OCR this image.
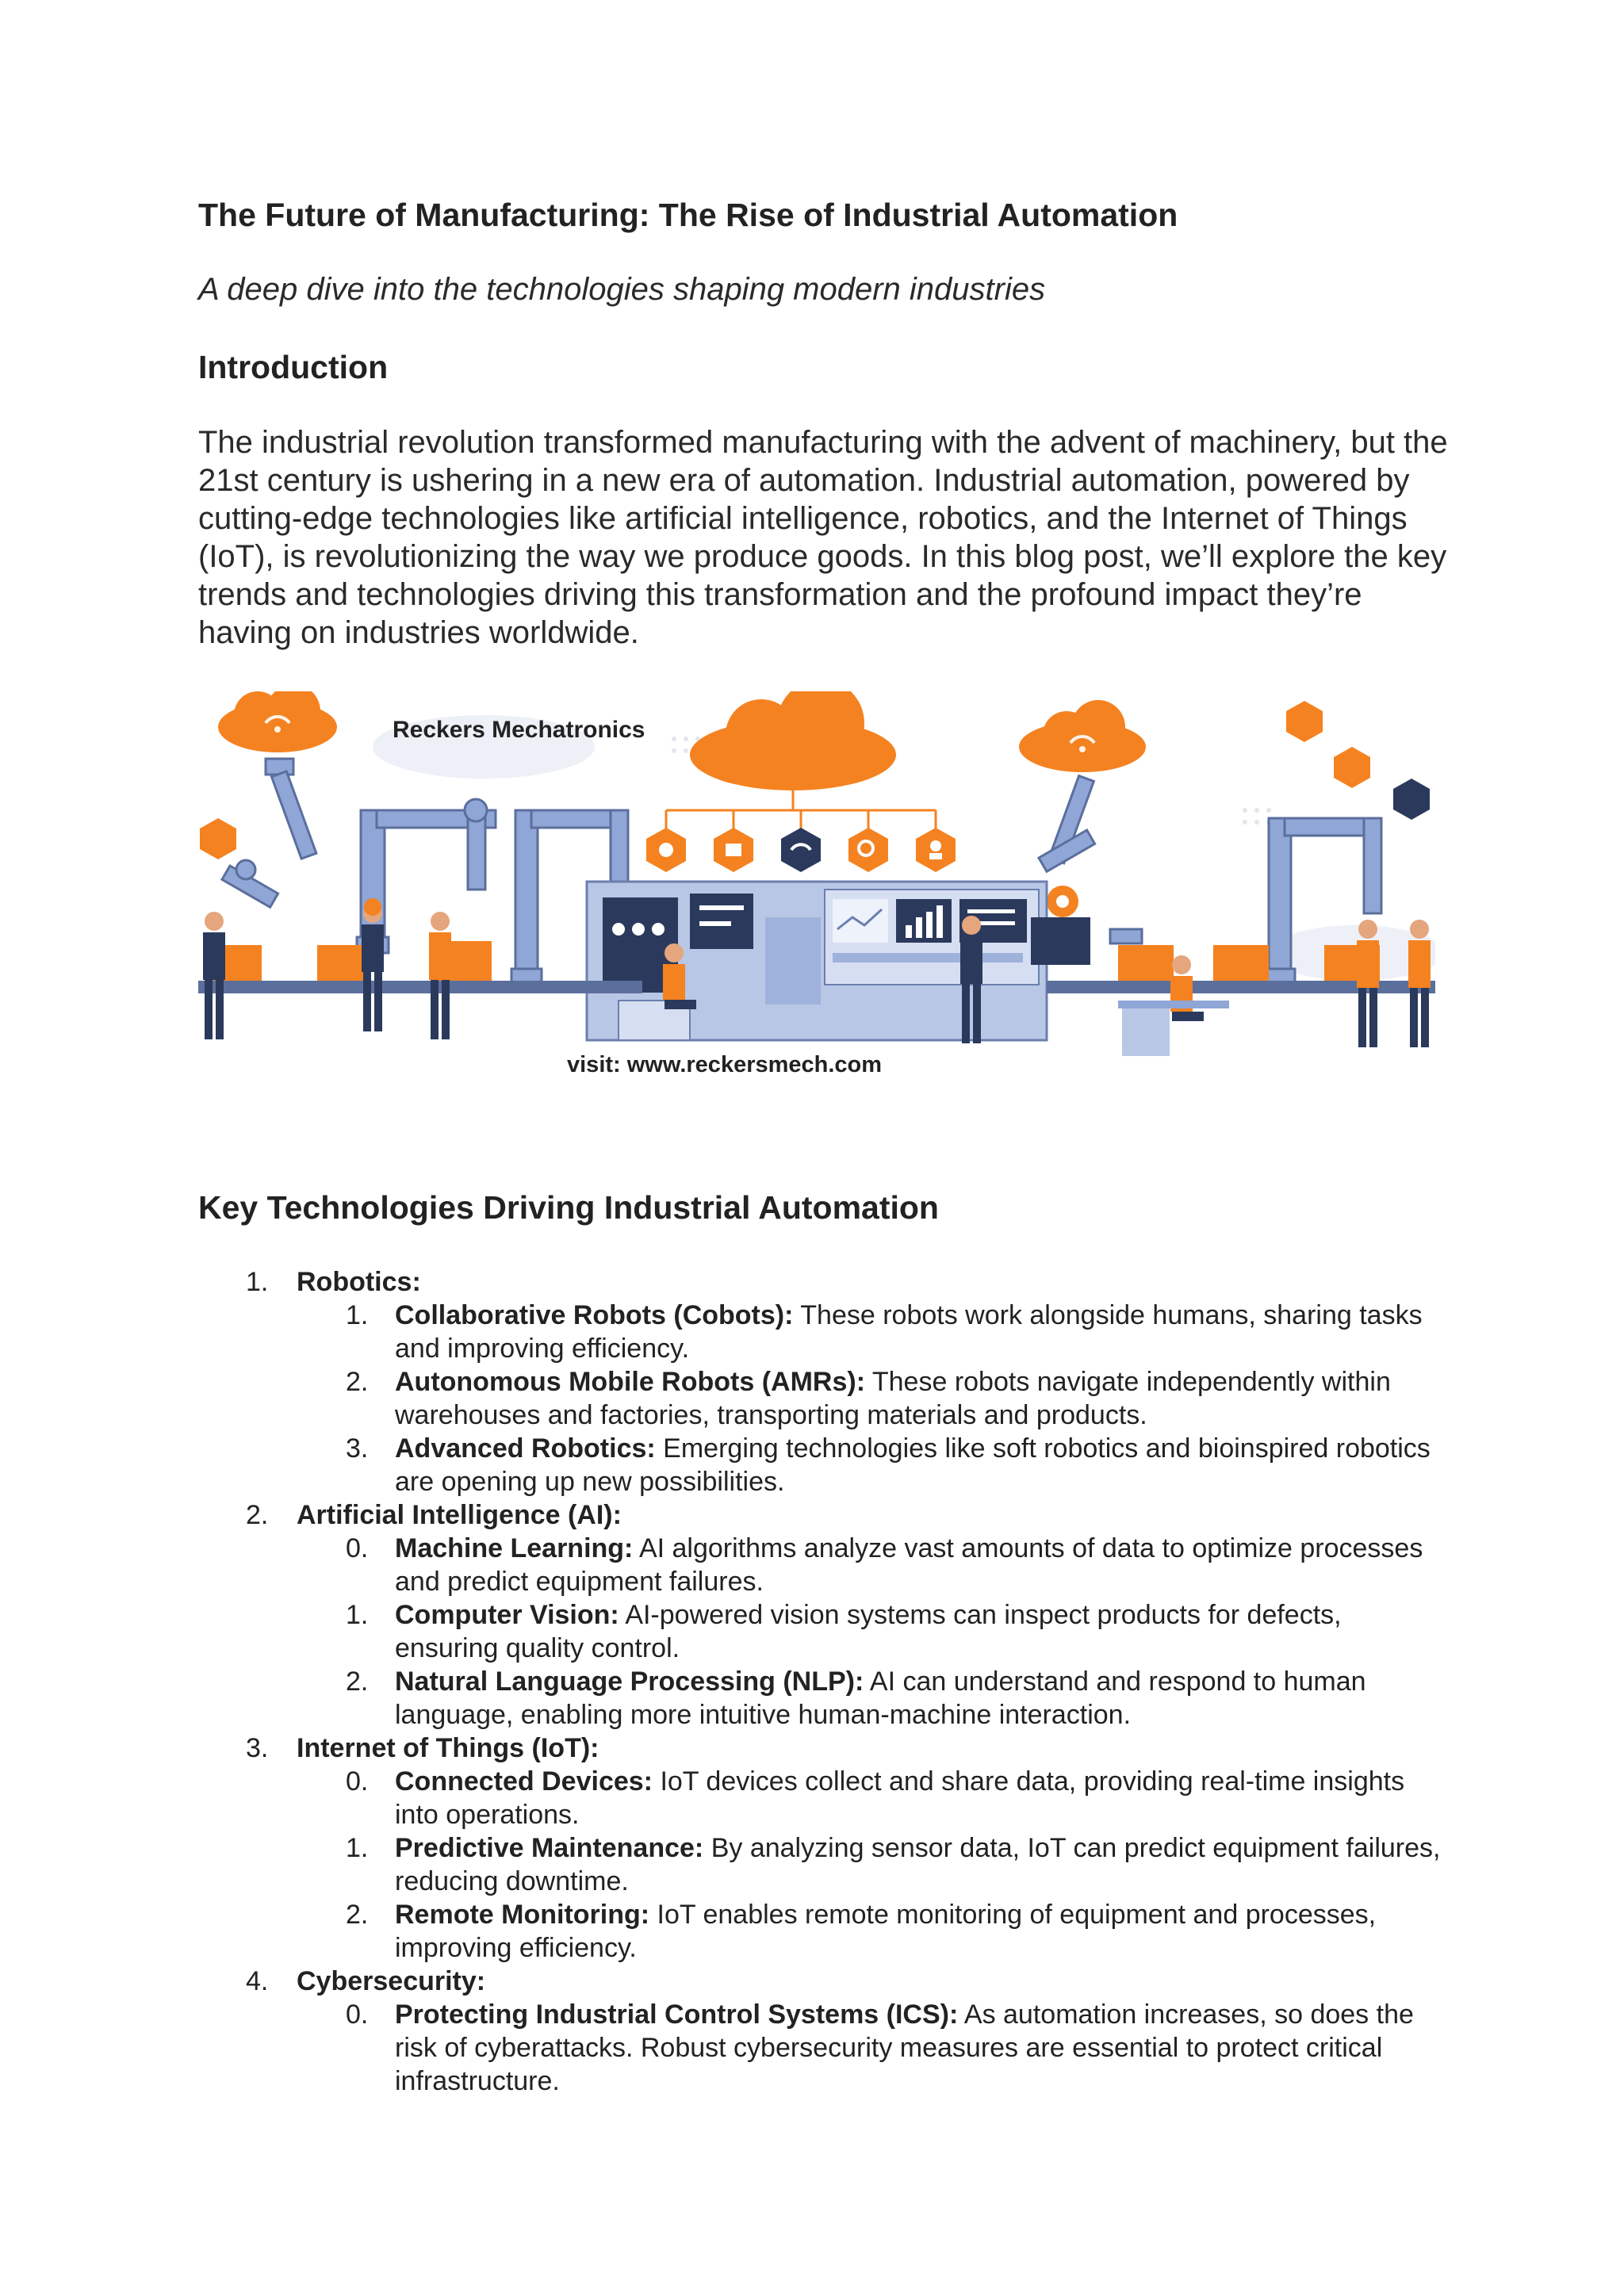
The Future of Manufacturing: The Rise of Industrial Automation

A deep dive into the technologies shaping modern industries

Introduction

The industrial revolution transformed manufacturing with the advent of machinery, but the 21st century is ushering in a new era of automation. Industrial automation, powered by cutting-edge technologies like artificial intelligence, robotics, and the Internet of Things (IoT), is revolutionizing the way we produce goods. In this blog post, we’ll explore the key trends and technologies driving this transformation and the profound impact they’re having on industries worldwide.

Reckers Mechatronics
visit: www.reckersmech.com
Key Technologies Driving Industrial Automation
1.	Robotics:
1. Collaborative Robots (Cobots): These robots work alongside humans, sharing tasks and improving efficiency.
2. Autonomous Mobile Robots (AMRs): These robots navigate independently within warehouses and factories, transporting materials and products.
3. Advanced Robotics: Emerging technologies like soft robotics and bioinspired robotics are opening up new possibilities.
2.	Artificial Intelligence (AI):
0. Machine Learning: AI algorithms analyze vast amounts of data to optimize processes and predict equipment failures.
1. Computer Vision: AI-powered vision systems can inspect products for defects, ensuring quality control.
2. Natural Language Processing (NLP): AI can understand and respond to human language, enabling more intuitive human-machine interaction.
3.	Internet of Things (IoT):
0. Connected Devices: IoT devices collect and share data, providing real-time insights into operations.
1. Predictive Maintenance: By analyzing sensor data, IoT can predict equipment failures, reducing downtime.
2. Remote Monitoring: IoT enables remote monitoring of equipment and processes, improving efficiency.
4.	Cybersecurity:
0. Protecting Industrial Control Systems (ICS): As automation increases, so does the risk of cyberattacks. Robust cybersecurity measures are essential to protect critical infrastructure.
